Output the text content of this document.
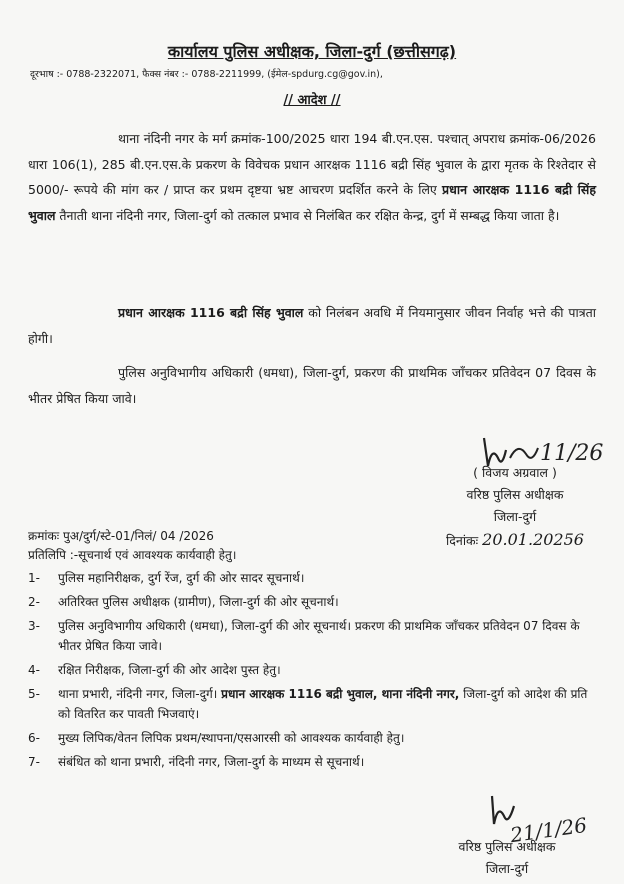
कार्यालय पुलिस अधीक्षक, जिला-दुर्ग (छत्तीसगढ़)
दूरभाष :- 0788-2322071, फैक्स नंबर :- 0788-2211999, (ईमेल-spdurg.cg@gov.in),
// आदेश //

थाना नंदिनी नगर के मर्ग क्रमांक-100/2025 धारा 194 बी.एन.एस. पश्चात् अपराध क्रमांक-06/2026 धारा 106(1), 285 बी.एन.एस.के प्रकरण के विवेचक प्रधान आरक्षक 1116 बद्री सिंह भुवाल के द्वारा मृतक के रिश्तेदार से 5000/- रूपये की मांग कर / प्राप्त कर प्रथम दृष्टया भ्रष्ट आचरण प्रदर्शित करने के लिए प्रधान आरक्षक 1116 बद्री सिंह भुवाल तैनाती थाना नंदिनी नगर, जिला-दुर्ग को तत्काल प्रभाव से निलंबित कर रक्षित केन्द्र, दुर्ग में सम्बद्ध किया जाता है।

प्रधान आरक्षक 1116 बद्री सिंह भुवाल को निलंबन अवधि में नियमानुसार जीवन निर्वाह भत्ते की पात्रता होगी।

पुलिस अनुविभागीय अधिकारी (धमधा), जिला-दुर्ग, प्रकरण की प्राथमिक जाँचकर प्रतिवेदन 07 दिवस के भीतर प्रेषित किया जावे।

11/26
( विजय अग्रवाल )
वरिष्ठ पुलिस अधीक्षक
जिला-दुर्ग
दिनांकः 20.01.20256
क्रमांकः पुअ/दुर्ग/स्टे-01/निलं/ 04 /2026
प्रतिलिपि :-सूचनार्थ एवं आवश्यक कार्यवाही हेतु।
1-	पुलिस महानिरीक्षक, दुर्ग रेंज, दुर्ग की ओर सादर सूचनार्थ।
2-	अतिरिक्त पुलिस अधीक्षक (ग्रामीण), जिला-दुर्ग की ओर सूचनार्थ।
3-	पुलिस अनुविभागीय अधिकारी (धमधा), जिला-दुर्ग की ओर सूचनार्थ। प्रकरण की प्राथमिक जाँचकर प्रतिवेदन 07 दिवस के भीतर प्रेषित किया जावे।
4-	रक्षित निरीक्षक, जिला-दुर्ग की ओर आदेश पुस्त हेतु।
5-	थाना प्रभारी, नंदिनी नगर, जिला-दुर्ग। प्रधान आरक्षक 1116 बद्री भुवाल, थाना नंदिनी नगर, जिला-दुर्ग को आदेश की प्रति को वितरित कर पावती भिजवाएं।
6-	मुख्य लिपिक/वेतन लिपिक प्रथम/स्थापना/एसआरसी को आवश्यक कार्यवाही हेतु।
7-	संबंधित को थाना प्रभारी, नंदिनी नगर, जिला-दुर्ग के माध्यम से सूचनार्थ।
वरिष्ठ पुलिस अधीक्षक
जिला-दुर्ग
21/1/26
